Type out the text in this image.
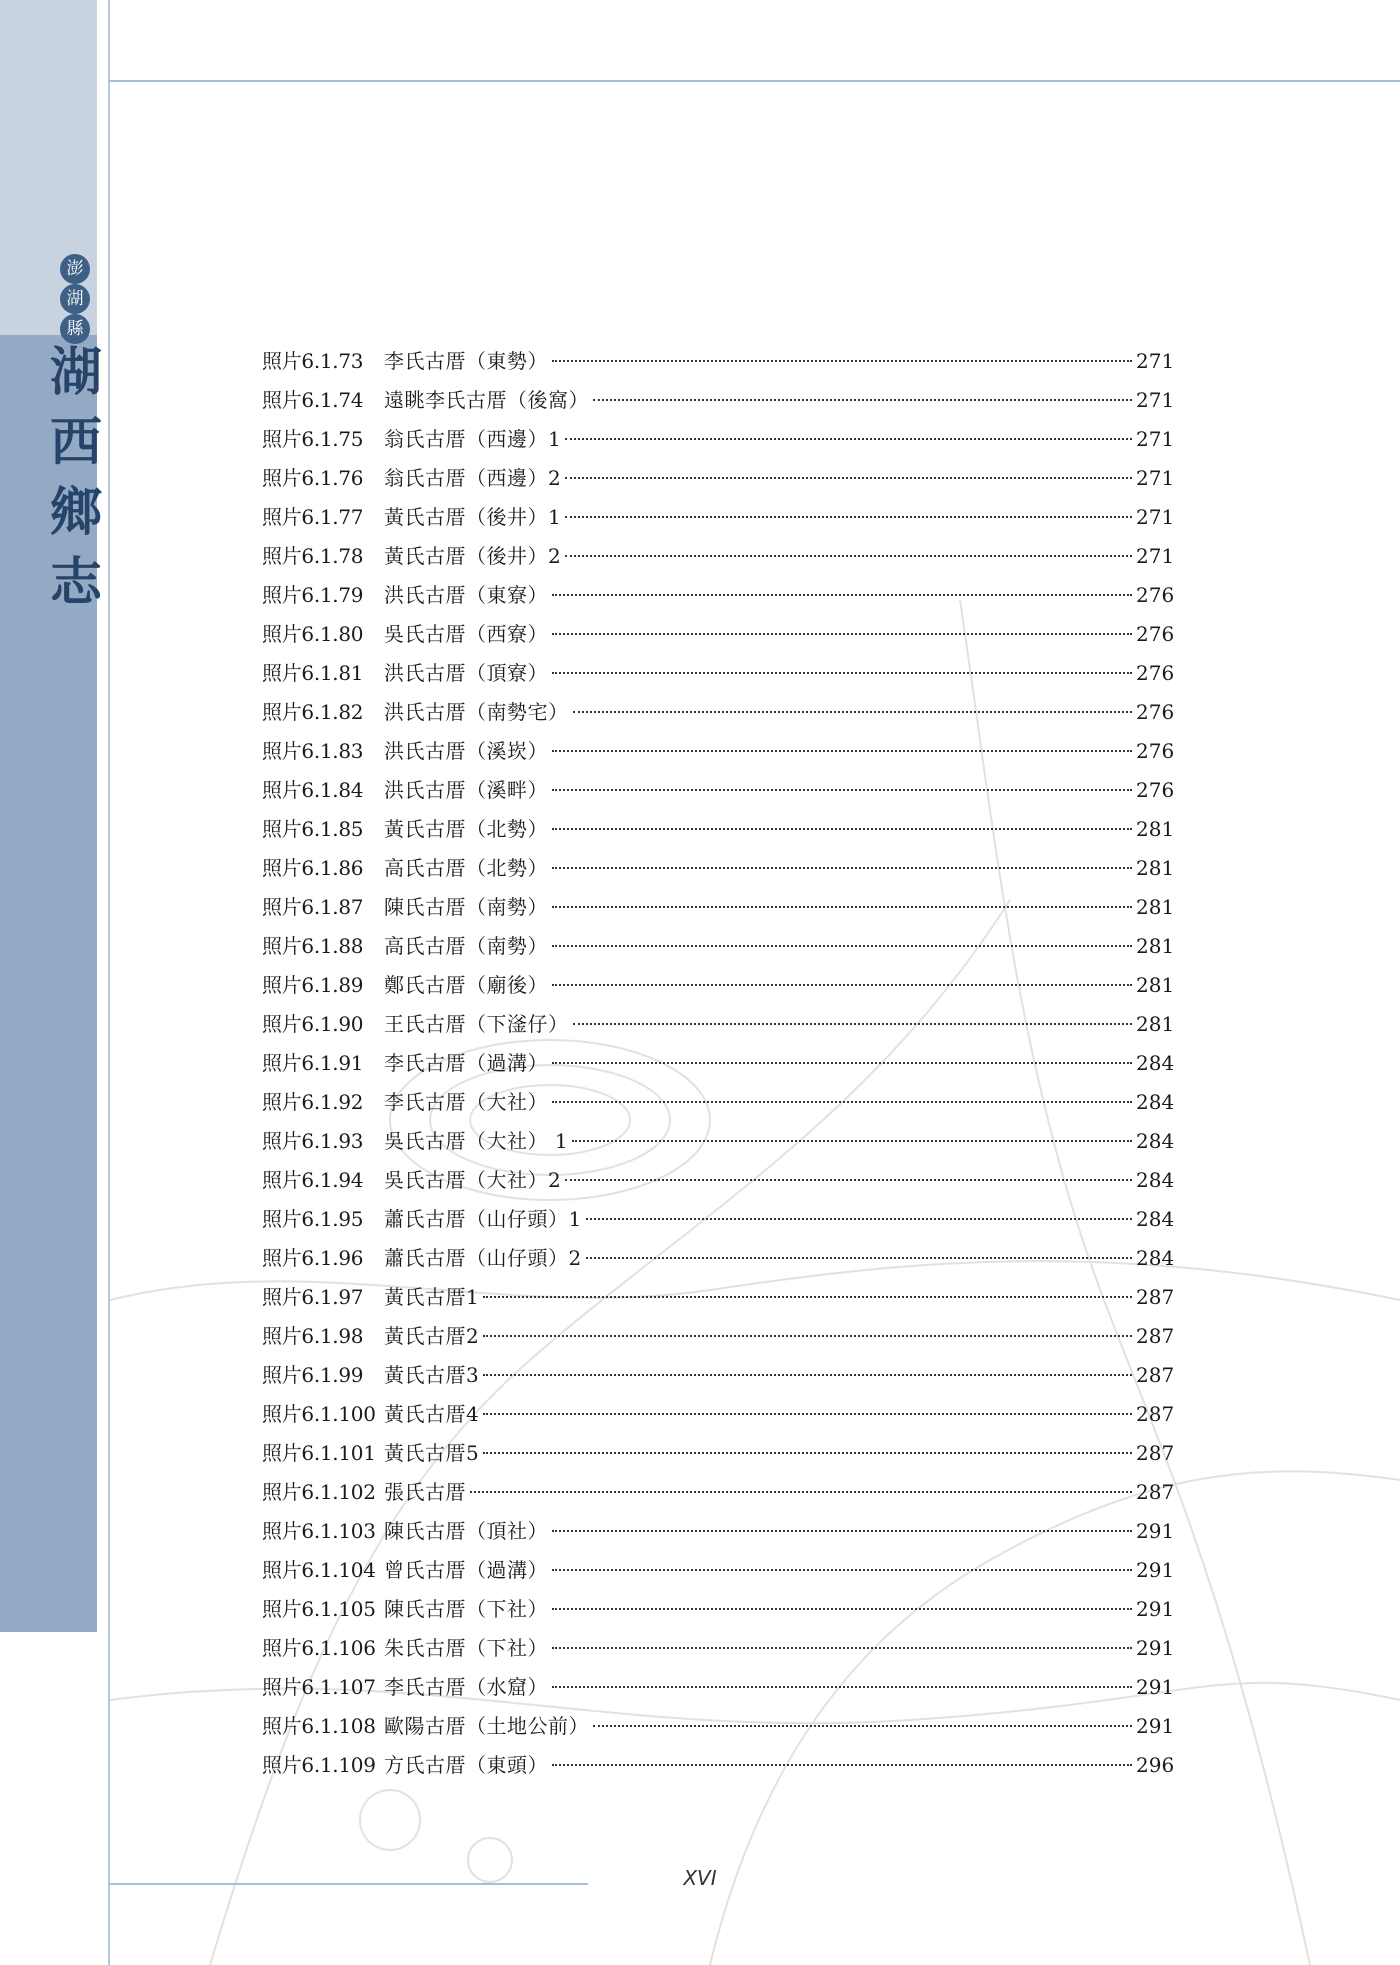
澎
湖
縣
湖
西
鄉
志
照片6.1.73	李氏古厝（東勢）	271
照片6.1.74	遠眺李氏古厝（後窩）	271
照片6.1.75	翁氏古厝（西邊）1	271
照片6.1.76	翁氏古厝（西邊）2	271
照片6.1.77	黃氏古厝（後井）1	271
照片6.1.78	黃氏古厝（後井）2	271
照片6.1.79	洪氏古厝（東寮）	276
照片6.1.80	吳氏古厝（西寮）	276
照片6.1.81	洪氏古厝（頂寮）	276
照片6.1.82	洪氏古厝（南勢宅）	276
照片6.1.83	洪氏古厝（溪崁）	276
照片6.1.84	洪氏古厝（溪畔）	276
照片6.1.85	黃氏古厝（北勢）	281
照片6.1.86	高氏古厝（北勢）	281
照片6.1.87	陳氏古厝（南勢）	281
照片6.1.88	高氏古厝（南勢）	281
照片6.1.89	鄭氏古厝（廟後）	281
照片6.1.90	王氏古厝（下滏仔）	281
照片6.1.91	李氏古厝（過溝）	284
照片6.1.92	李氏古厝（大社）	284
照片6.1.93	吳氏古厝（大社） 1	284
照片6.1.94	吳氏古厝（大社）2	284
照片6.1.95	蕭氏古厝（山仔頭）1	284
照片6.1.96	蕭氏古厝（山仔頭）2	284
照片6.1.97	黃氏古厝1	287
照片6.1.98	黃氏古厝2	287
照片6.1.99	黃氏古厝3	287
照片6.1.100 黃氏古厝4	287
照片6.1.101 黃氏古厝5	287
照片6.1.102 張氏古厝	287
照片6.1.103 陳氏古厝（頂社）	291
照片6.1.104 曾氏古厝（過溝）	291
照片6.1.105 陳氏古厝（下社）	291
照片6.1.106 朱氏古厝（下社）	291
照片6.1.107 李氏古厝（水窟）	291
照片6.1.108 歐陽古厝（土地公前）	291
照片6.1.109 方氏古厝（東頭）	296
XVI
